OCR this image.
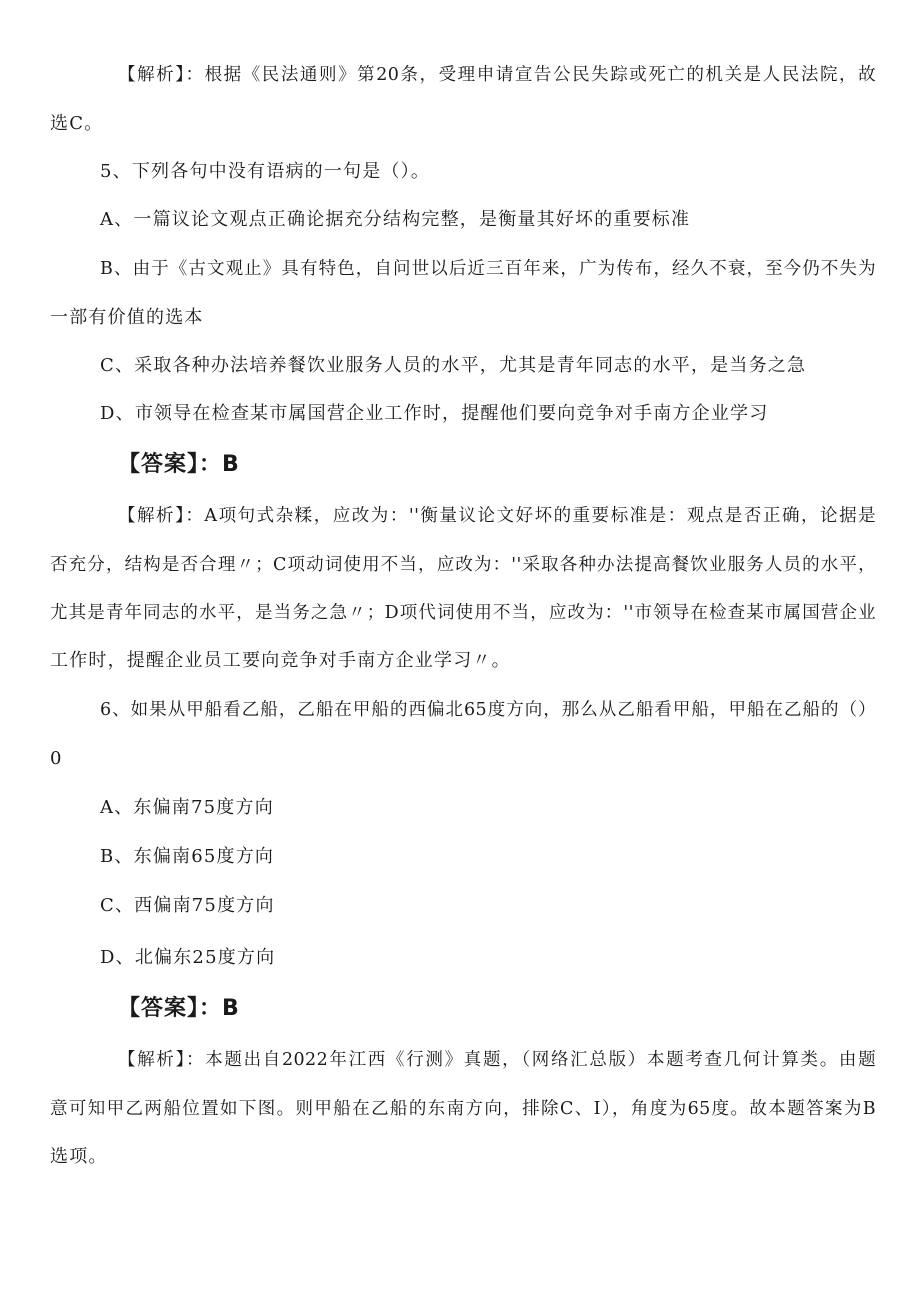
【解析】：根据《民法通则》第20条，受理申请宣告公民失踪或死亡的机关是人民法院，故
选C。
5、下列各句中没有语病的一句是（）。
A、一篇议论文观点正确论据充分结构完整，是衡量其好坏的重要标准
B、由于《古文观止》具有特色，自问世以后近三百年来，广为传布，经久不衰，至今仍不失为
一部有价值的选本
C、采取各种办法培养餐饮业服务人员的水平，尤其是青年同志的水平，是当务之急
D、市领导在检查某市属国营企业工作时，提醒他们要向竞争对手南方企业学习
【答案】：B
【解析】：A项句式杂糅，应改为：''衡量议论文好坏的重要标准是：观点是否正确，论据是
否充分，结构是否合理〃；C项动词使用不当，应改为：''采取各种办法提高餐饮业服务人员的水平，
尤其是青年同志的水平，是当务之急〃；D项代词使用不当，应改为：''市领导在检查某市属国营企业
工作时，提醒企业员工要向竞争对手南方企业学习〃。
6、如果从甲船看乙船，乙船在甲船的西偏北65度方向，那么从乙船看甲船，甲船在乙船的（）
0
A、东偏南75度方向
B、东偏南65度方向
C、西偏南75度方向
D、北偏东25度方向
【答案】：B
【解析】：本题出自2022年江西《行测》真题，（网络汇总版）本题考查几何计算类。由题
意可知甲乙两船位置如下图。则甲船在乙船的东南方向，排除C、I），角度为65度。故本题答案为B
选项。
